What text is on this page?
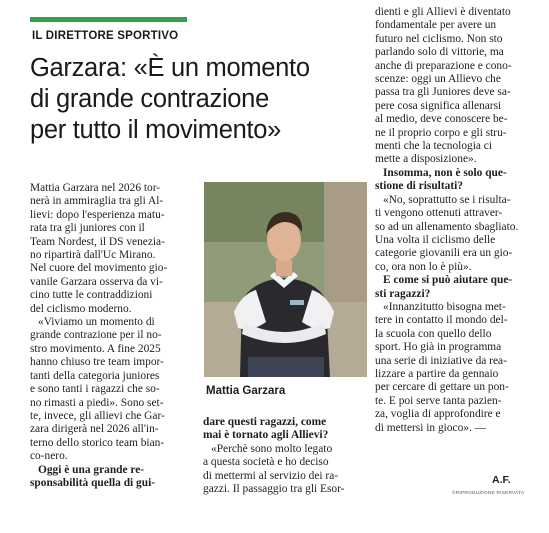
IL DIRETTORE SPORTIVO
Garzara: «È un momento
di grande contrazione
per tutto il movimento»

Mattia Garzara nel 2026 tor-

nerà in ammiraglia tra gli Al-

lievi: dopo l'esperienza matu-

rata tra gli juniores con il

Team Nordest, il DS venezia-

no ripartirà dall'Uc Mirano.

Nel cuore del movimento gio-

vanile Garzara osserva da vi-

cino tutte le contraddizioni

del ciclismo moderno.

«Viviamo un momento di

grande contrazione per il no-

stro movimento. A fine 2025

hanno chiuso tre team impor-

tanti della categoria juniores

e sono tanti i ragazzi che so-

no rimasti a piedi». Sono set-

te, invece, gli allievi che Gar-

zara dirigerà nel 2026 all'in-

terno dello storico team bian-

co-nero.

Oggi è una grande re-

sponsabilità quella di gui-

Mattia Garzara

dare questi ragazzi, come

mai è tornato agli Allievi?

«Perchè sono molto legato

a questa società e ho deciso

di mettermi al servizio dei ra-

gazzi. Il passaggio tra gli Esor-

dienti e gli Allievi è diventato

fondamentale per avere un

futuro nel ciclismo. Non sto

parlando solo di vittorie, ma

anche di preparazione e cono-

scenze: oggi un Allievo che

passa tra gli Juniores deve sa-

pere cosa significa allenarsi

al medio, deve conoscere be-

ne il proprio corpo e gli stru-

menti che la tecnologia ci

mette a disposizione».

Insomma, non è solo que-

stione di risultati?

«No, soprattutto se i risulta-

ti vengono ottenuti attraver-

so ad un allenamento sbagliato.

Una volta il ciclismo delle

categorie giovanili era un gio-

co, ora non lo è più».

E come si può aiutare que-

sti ragazzi?

«Innanzitutto bisogna met-

tere in contatto il mondo del-

la scuola con quello dello

sport. Ho già in programma

una serie di iniziative da rea-

lizzare a partire da gennaio

per cercare di gettare un pon-

te. E poi serve tanta pazien-

za, voglia di approfondire e

di mettersi in gioco». —

A.F.
©RIPRODUZIONE RISERVATA
